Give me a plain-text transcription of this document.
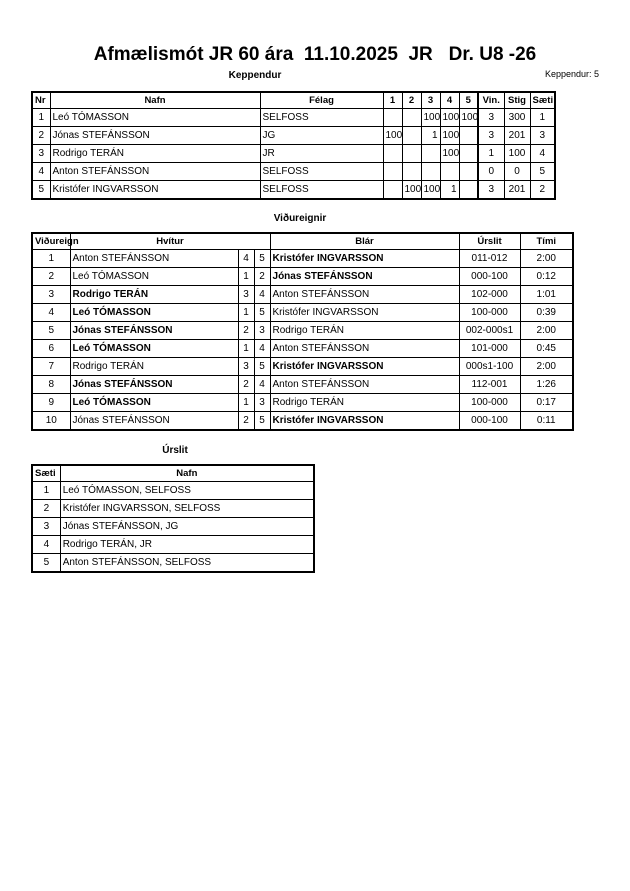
Afmælismót JR 60 ára  11.10.2025  JR   Dr. U8 -26
Keppendur: 5
Keppendur
Nr	Nafn	Félag	1	2	3	4	5	Vin.	Stig	Sæti
1	Leó TÓMASSON	SELFOSS			100	100	100	3	300	1
2	Jónas STEFÁNSSON	JG	100		1	100		3	201	3
3	Rodrigo TERÁN	JR				100		1	100	4
4	Anton STEFÁNSSON	SELFOSS						0	0	5
5	Kristófer INGVARSSON	SELFOSS		100	100	1		3	201	2
Viðureignir
Viðureign	Hvítur			Blár	Úrslit	Tími
1	Anton STEFÁNSSON	4	5	Kristófer INGVARSSON	011-012	2:00
2	Leó TÓMASSON	1	2	Jónas STEFÁNSSON	000-100	0:12
3	Rodrigo TERÁN	3	4	Anton STEFÁNSSON	102-000	1:01
4	Leó TÓMASSON	1	5	Kristófer INGVARSSON	100-000	0:39
5	Jónas STEFÁNSSON	2	3	Rodrigo TERÁN	002-000s1	2:00
6	Leó TÓMASSON	1	4	Anton STEFÁNSSON	101-000	0:45
7	Rodrigo TERÁN	3	5	Kristófer INGVARSSON	000s1-100	2:00
8	Jónas STEFÁNSSON	2	4	Anton STEFÁNSSON	112-001	1:26
9	Leó TÓMASSON	1	3	Rodrigo TERÁN	100-000	0:17
10	Jónas STEFÁNSSON	2	5	Kristófer INGVARSSON	000-100	0:11
Úrslit
Sæti	Nafn
1	Leó TÓMASSON, SELFOSS
2	Kristófer INGVARSSON, SELFOSS
3	Jónas STEFÁNSSON, JG
4	Rodrigo TERÁN, JR
5	Anton STEFÁNSSON, SELFOSS
